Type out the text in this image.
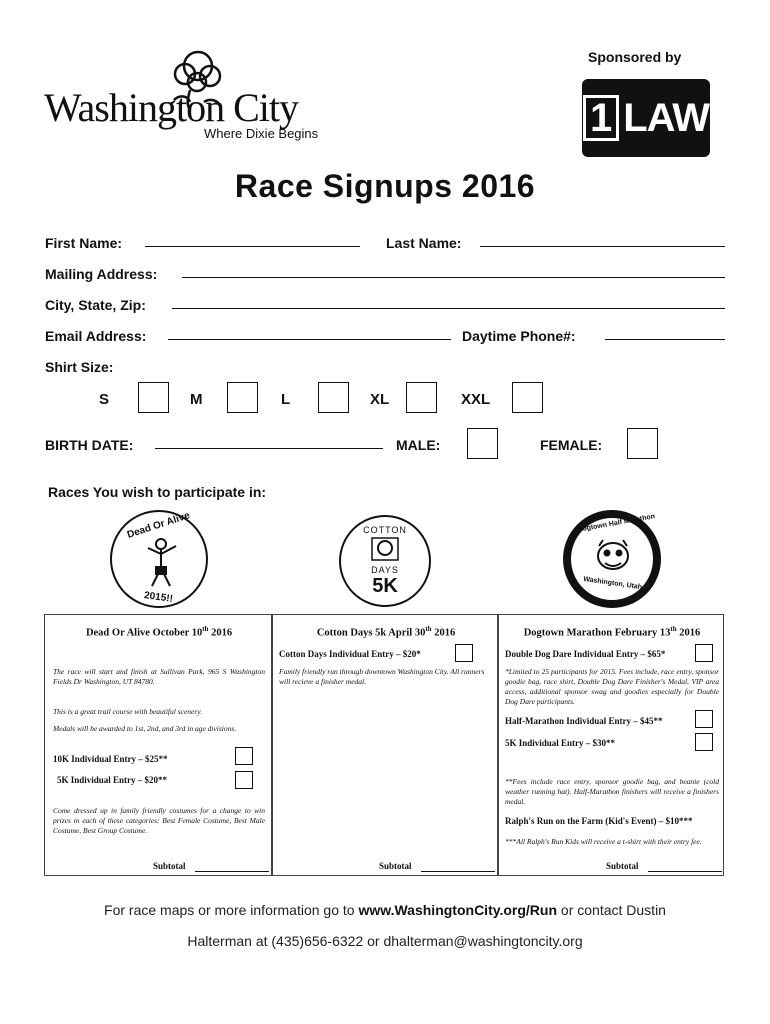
Washington City
Where Dixie Begins
Sponsored by
1 LAW
Race Signups 2016
First Name:	Last Name:
Mailing Address:
City, State, Zip:
Email Address:	Daytime Phone#:
Shirt Size:
S	M	L	XL	XXL
BIRTH DATE:	MALE:	FEMALE:
Races You wish to participate in:
Dead Or Alive
2015!!
COTTON
DAYS
5K
Dogtown Half Marathon
Washington, Utah
Dead Or Alive October 10th 2016
The race will start and finish at Sullivan Park, 965 S Washington Fields Dr Washington, UT 84780.
This is a great trail course with beautiful scenery.
Medals will be awarded to 1st, 2nd, and 3rd in age divisions.
10K Individual Entry – $25**
5K Individual Entry – $20**
Come dressed up in family friendly costumes for a change to win prizes in each of these categories: Best Female Costume, Best Male Costume, Best Group Costume.
Subtotal
Cotton Days 5k April 30th 2016
Cotton Days Individual Entry – $20*
Family friendly run through downtown Washington City. All runners will recieve a finisher medal.
Subtotal
Dogtown Marathon February 13th 2016
Double Dog Dare Individual Entry – $65*
*Limited to 25 participants for 2015. Fees include, race entry, sponsor goodie bag, race shirt, Double Dog Dare Finisher's Medal, VIP area access, additional sponsor swag and goodies especially for Double Dog Dare participants.
Half-Marathon Individual Entry – $45**
5K Individual Entry – $30**
**Fees include race entry, sponsor goodie bag, and beanie (cold weather running hat). Half-Marathon finishers will receive a finishers medal.
Ralph's Run on the Farm (Kid's Event) – $10***
***All Ralph's Run Kids will receive a t-shirt with their entry fee.
Subtotal
For race maps or more information go to www.WashingtonCity.org/Run or contact Dustin
Halterman at (435)656-6322 or dhalterman@washingtoncity.org
